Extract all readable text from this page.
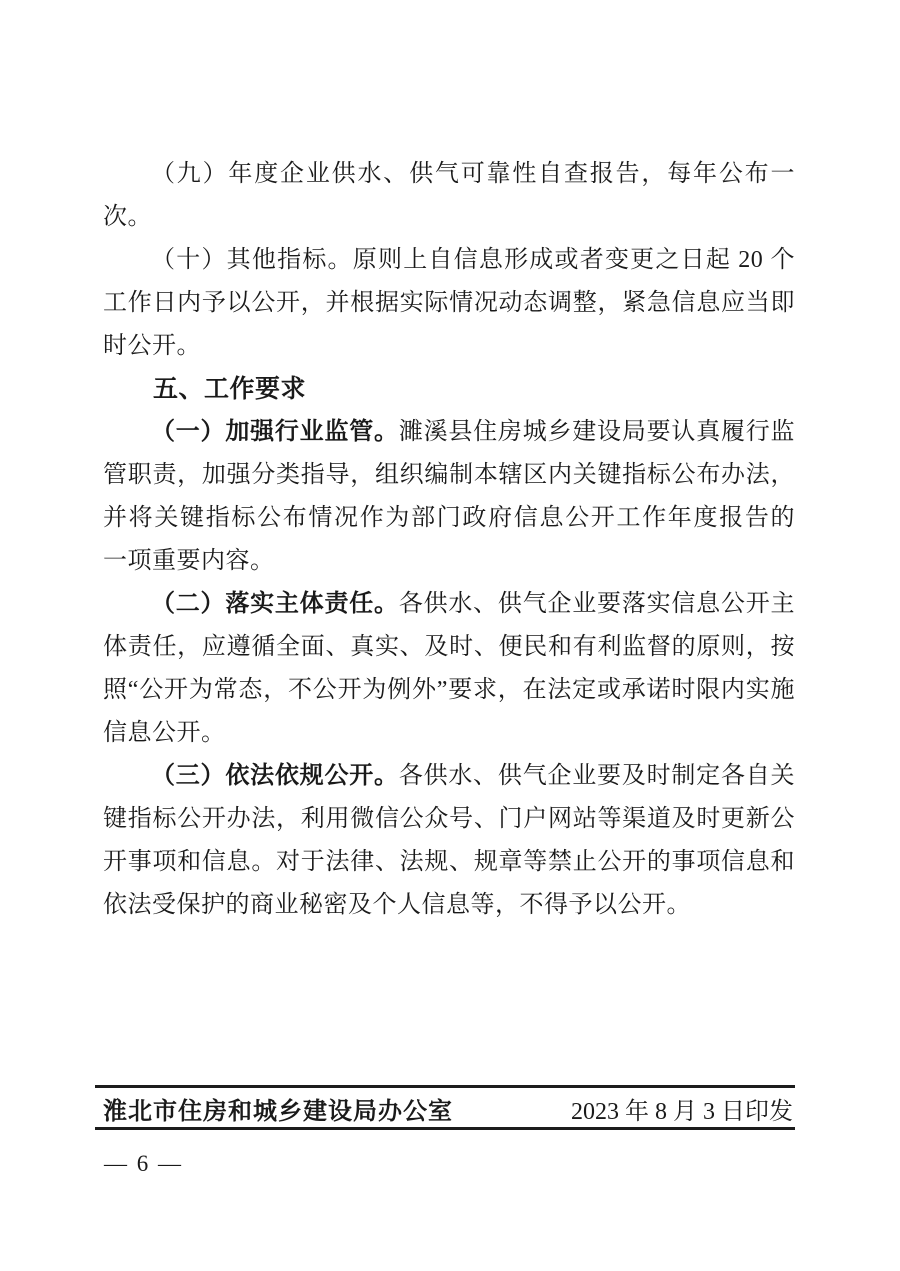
（九）年度企业供水、供气可靠性自查报告，每年公布一次。
（十）其他指标。原则上自信息形成或者变更之日起 20 个
工作日内予以公开，并根据实际情况动态调整，紧急信息应当即
时公开。
五、工作要求
（一）加强行业监管。濉溪县住房城乡建设局要认真履行监
管职责，加强分类指导，组织编制本辖区内关键指标公布办法，
并将关键指标公布情况作为部门政府信息公开工作年度报告的
一项重要内容。
（二）落实主体责任。各供水、供气企业要落实信息公开主
体责任，应遵循全面、真实、及时、便民和有利监督的原则，按
照“公开为常态，不公开为例外”要求，在法定或承诺时限内实施
信息公开。
（三）依法依规公开。各供水、供气企业要及时制定各自关
键指标公开办法，利用微信公众号、门户网站等渠道及时更新公
开事项和信息。对于法律、法规、规章等禁止公开的事项信息和
依法受保护的商业秘密及个人信息等，不得予以公开。
淮北市住房和城乡建设局办公室	2023 年 8 月 3 日印发
— 6 —
